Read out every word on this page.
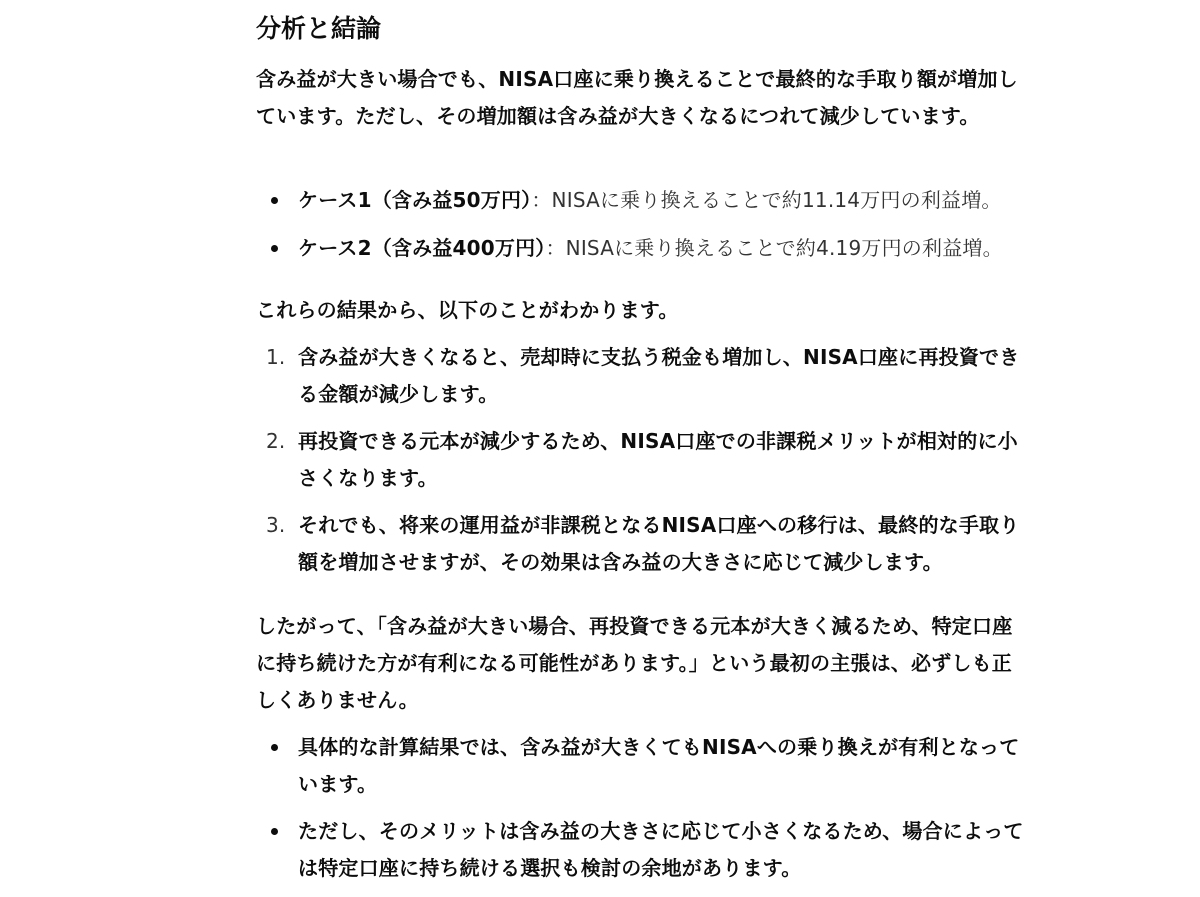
分析と結論

含み益が大きい場合でも、NISA口座に乗り換えることで最終的な手取り額が増加しています。ただし、その増加額は含み益が大きくなるにつれて減少しています。

ケース1（含み益50万円）：NISAに乗り換えることで約11.14万円の利益増。
ケース2（含み益400万円）：NISAに乗り換えることで約4.19万円の利益増。

これらの結果から、以下のことがわかります。

1. 含み益が大きくなると、売却時に支払う税金も増加し、NISA口座に再投資できる金額が減少します。
2. 再投資できる元本が減少するため、NISA口座での非課税メリットが相対的に小さくなります。
3. それでも、将来の運用益が非課税となるNISA口座への移行は、最終的な手取り額を増加させますが、その効果は含み益の大きさに応じて減少します。

したがって、「含み益が大きい場合、再投資できる元本が大きく減るため、特定口座に持ち続けた方が有利になる可能性があります。」という最初の主張は、必ずしも正しくありません。

具体的な計算結果では、含み益が大きくてもNISAへの乗り換えが有利となっています。
ただし、そのメリットは含み益の大きさに応じて小さくなるため、場合によっては特定口座に持ち続ける選択も検討の余地があります。
